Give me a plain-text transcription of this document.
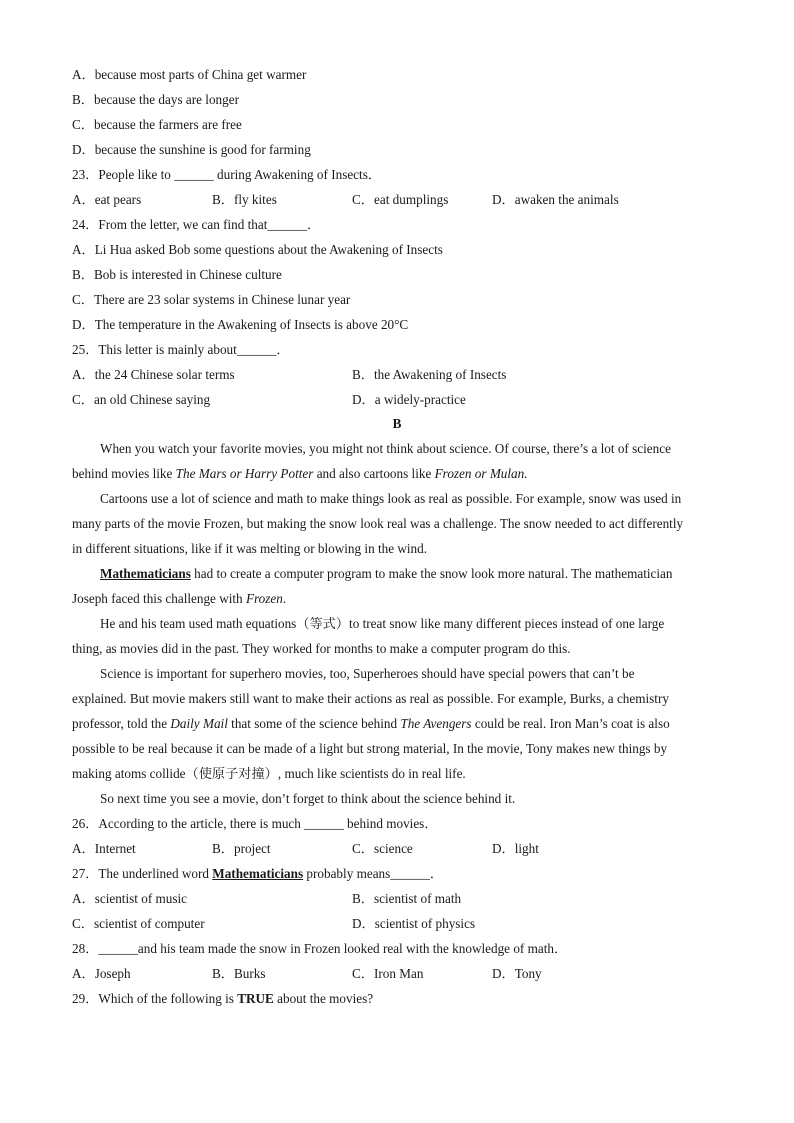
A．because most parts of China get warmer
B．because the days are longer
C．because the farmers are free
D．because the sunshine is good for farming
23．People like to ______ during Awakening of Insects．
A．eat pears	B．fly kites	C．eat dumplings	D．awaken the animals
24．From the letter, we can find that______．
A．Li Hua asked Bob some questions about the Awakening of Insects
B．Bob is interested in Chinese culture
C．There are 23 solar systems in Chinese lunar year
D．The temperature in the Awakening of Insects is above 20°C
25．This letter is mainly about______．
A．the 24 Chinese solar terms	B．the Awakening of Insects
C．an old Chinese saying	D．a widely-practice
B
When you watch your favorite movies, you might not think about science. Of course, there’s a lot of science
behind movies like The Mars or Harry Potter and also cartoons like Frozen or Mulan.
Cartoons use a lot of science and math to make things look as real as possible. For example, snow was used in
many parts of the movie Frozen, but making the snow look real was a challenge. The snow needed to act differently
in different situations, like if it was melting or blowing in the wind.
Mathematicians had to create a computer program to make the snow look more natural. The mathematician
Joseph faced this challenge with Frozen.
He and his team used math equations（等式）to treat snow like many different pieces instead of one large
thing, as movies did in the past. They worked for months to make a computer program do this.
Science is important for superhero movies, too, Superheroes should have special powers that can’t be
explained. But movie makers still want to make their actions as real as possible. For example, Burks, a chemistry
professor, told the Daily Mail that some of the science behind The Avengers could be real. Iron Man’s coat is also
possible to be real because it can be made of a light but strong material, In the movie, Tony makes new things by
making atoms collide（使原子对撞）, much like scientists do in real life.
So next time you see a movie, don’t forget to think about the science behind it.
26．According to the article, there is much ______ behind movies．
A．Internet	B．project	C．science	D．light
27．The underlined word Mathematicians probably means______．
A．scientist of music	B．scientist of math
C．scientist of computer	D．scientist of physics
28．______and his team made the snow in Frozen looked real with the knowledge of math．
A．Joseph	B．Burks	C．Iron Man	D．Tony
29．Which of the following is TRUE about the movies?
